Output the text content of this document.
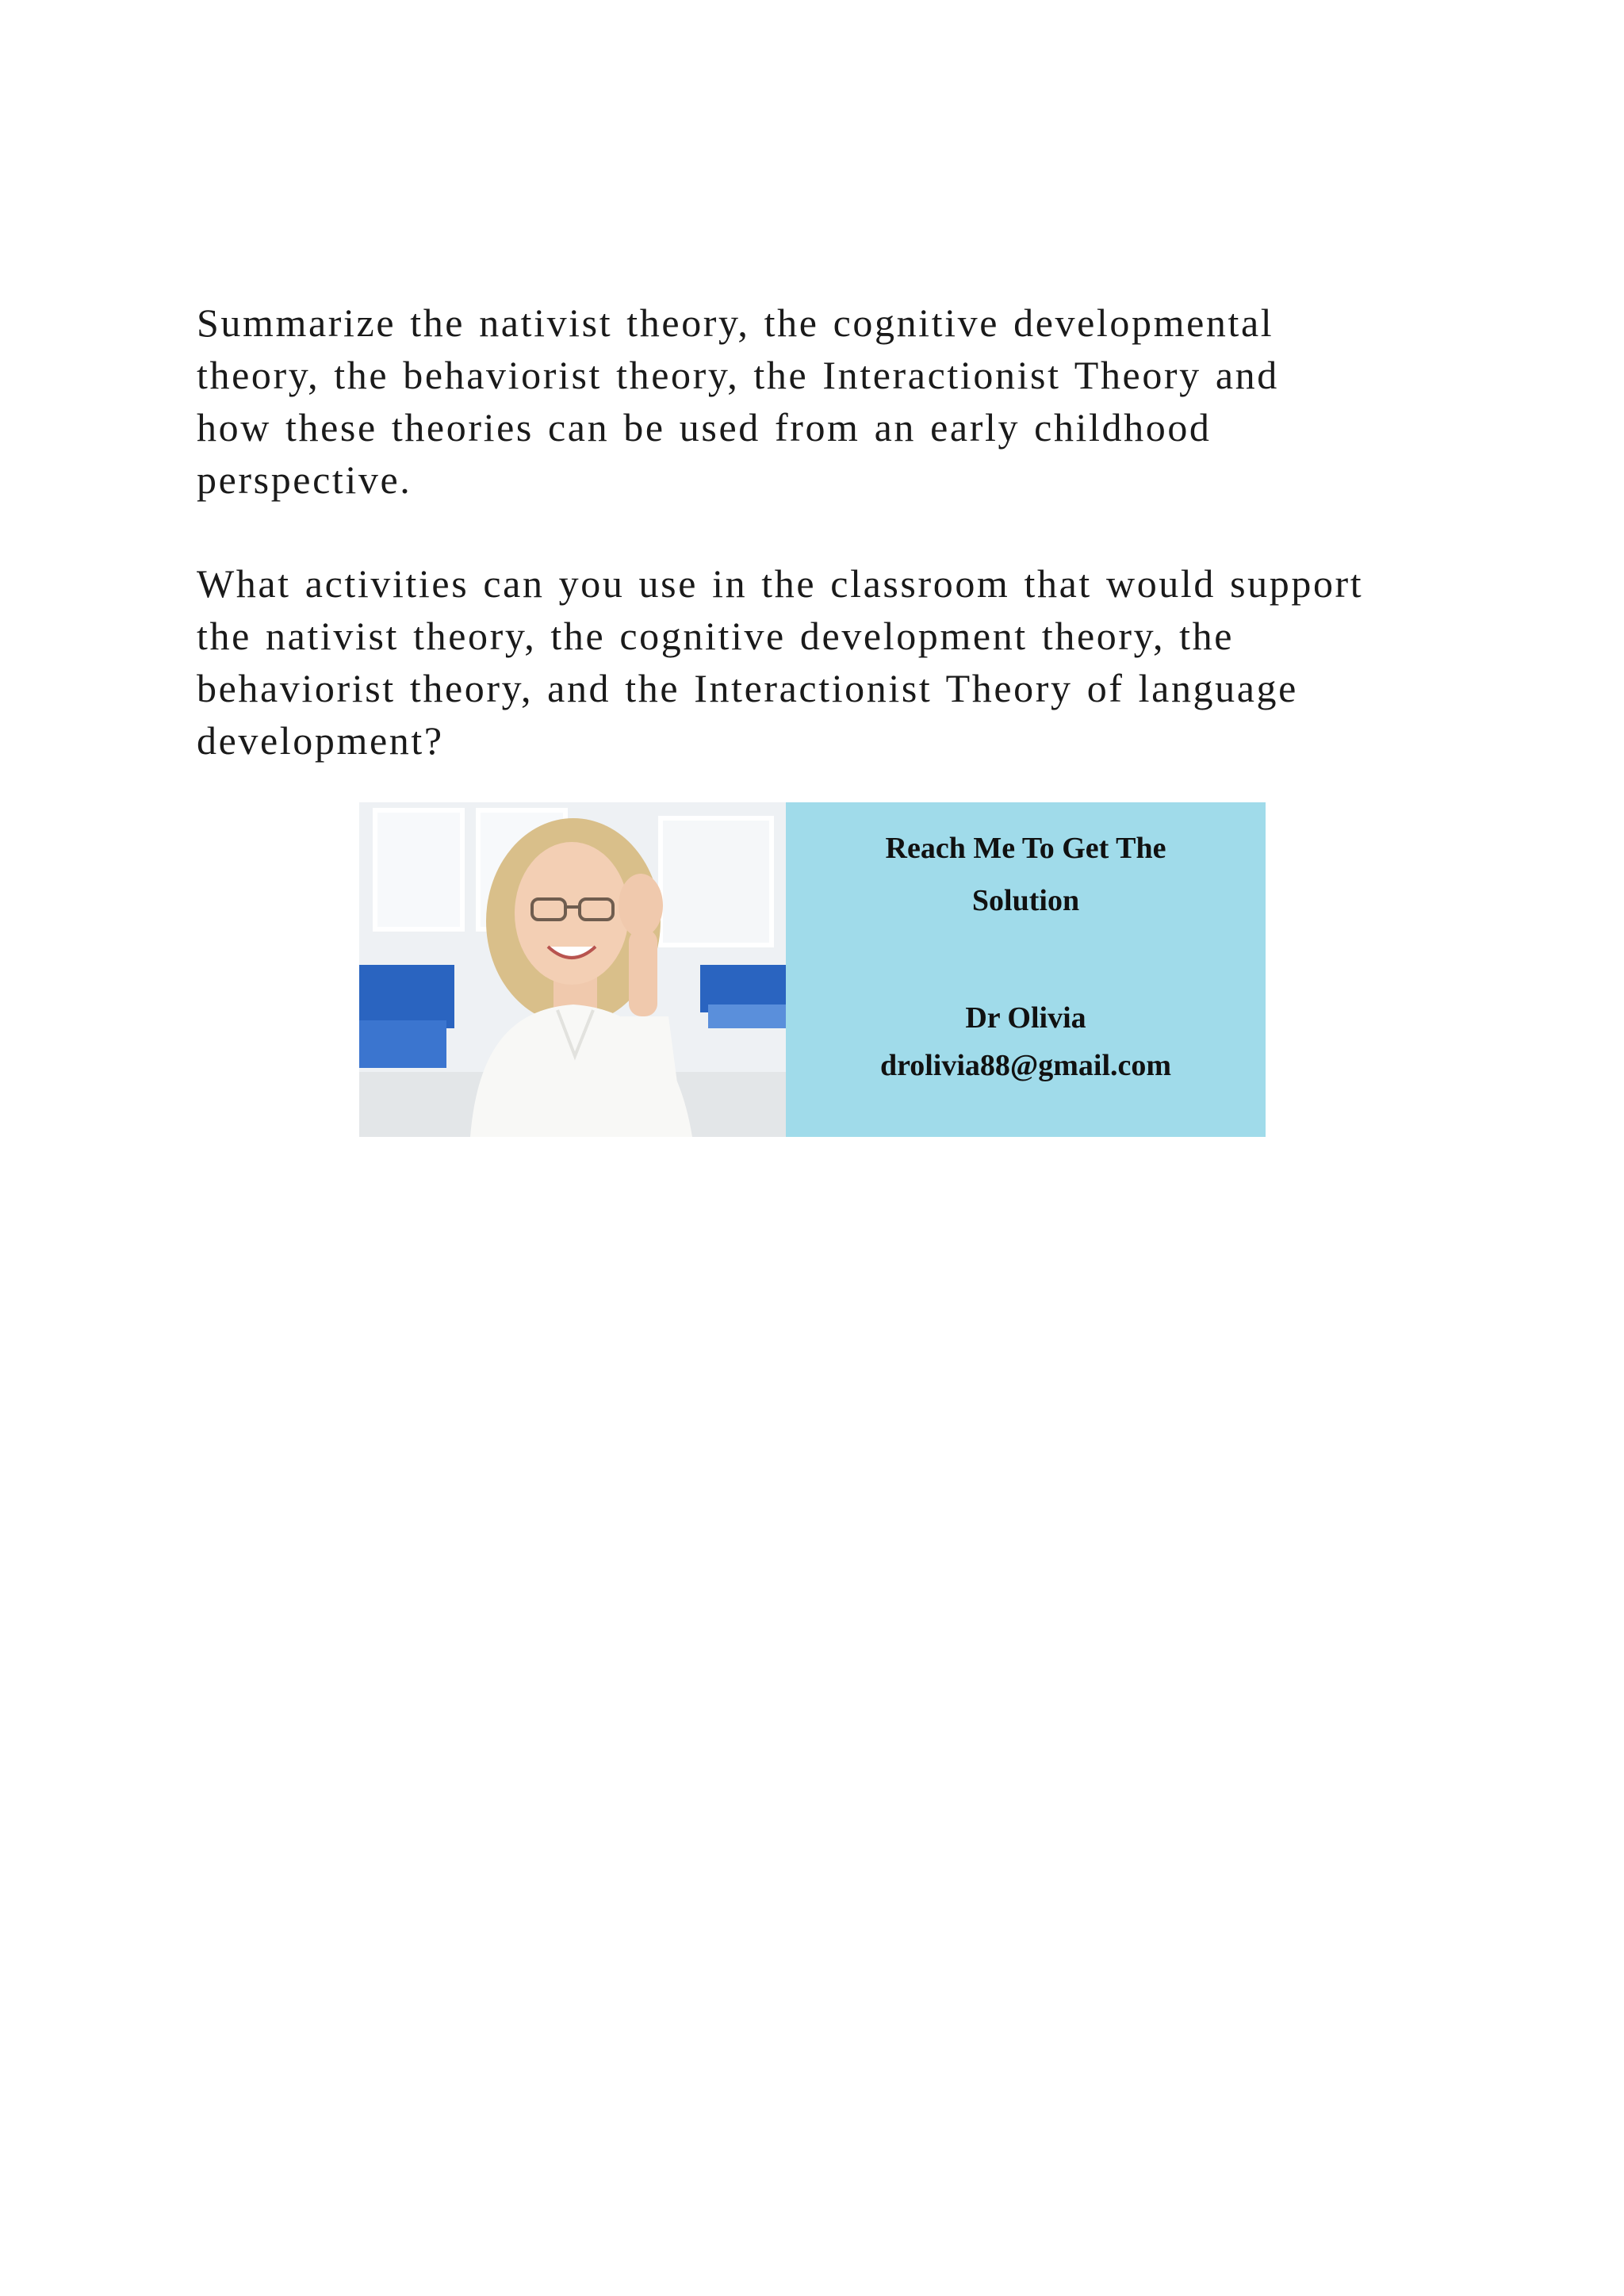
Summarize the nativist theory, the cognitive developmental
theory, the behaviorist theory, the Interactionist Theory and
how these theories can be used from an early childhood
perspective.
What activities can you use in the classroom that would support
the nativist theory, the cognitive development theory, the
behaviorist theory, and the Interactionist Theory of language
development?
Reach Me To Get The
Solution
Dr Olivia
drolivia88@gmail.com
